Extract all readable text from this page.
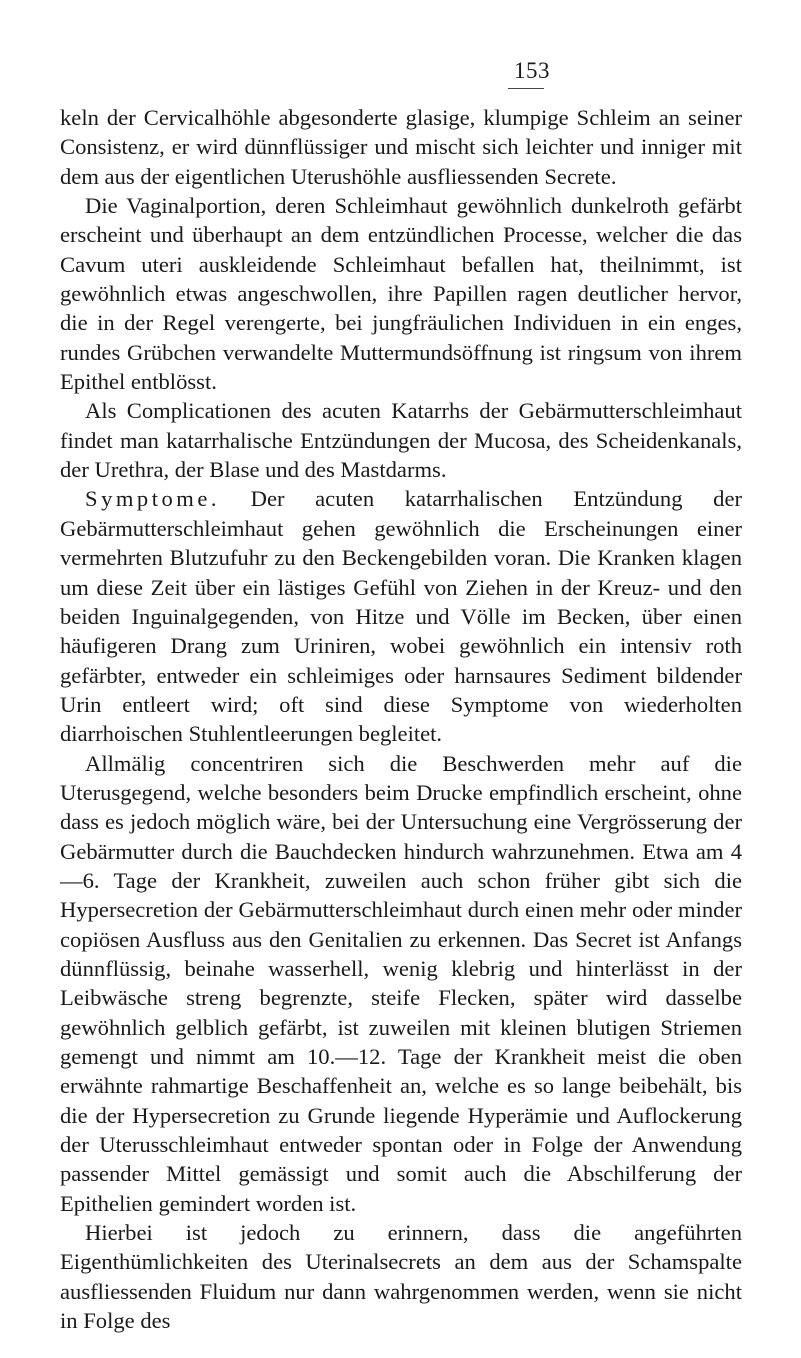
153

keln der Cervicalhöhle abgesonderte glasige, klumpige Schleim an seiner Consistenz, er wird dünnflüssiger und mischt sich leichter und inniger mit dem aus der eigentlichen Uterushöhle ausfliessenden Secrete.

Die Vaginalportion, deren Schleimhaut gewöhnlich dunkelroth gefärbt erscheint und überhaupt an dem entzündlichen Processe, welcher die das Cavum uteri auskleidende Schleimhaut befallen hat, theilnimmt, ist gewöhnlich etwas angeschwollen, ihre Papillen ragen deutlicher hervor, die in der Regel verengerte, bei jungfräulichen Individuen in ein enges, rundes Grübchen verwandelte Muttermundsöffnung ist ringsum von ihrem Epithel entblösst.

Als Complicationen des acuten Katarrhs der Gebärmutterschleimhaut findet man katarrhalische Entzündungen der Mucosa, des Scheidenkanals, der Urethra, der Blase und des Mastdarms.

Symptome. Der acuten katarrhalischen Entzündung der Gebärmutterschleimhaut gehen gewöhnlich die Erscheinungen einer vermehrten Blutzufuhr zu den Beckengebilden voran. Die Kranken klagen um diese Zeit über ein lästiges Gefühl von Ziehen in der Kreuz- und den beiden Inguinalgegenden, von Hitze und Völle im Becken, über einen häufigeren Drang zum Uriniren, wobei gewöhnlich ein intensiv roth gefärbter, entweder ein schleimiges oder harnsaures Sediment bildender Urin entleert wird; oft sind diese Symptome von wiederholten diarrhoischen Stuhlentleerungen begleitet.

Allmälig concentriren sich die Beschwerden mehr auf die Uterusgegend, welche besonders beim Drucke empfindlich erscheint, ohne dass es jedoch möglich wäre, bei der Untersuchung eine Vergrösserung der Gebärmutter durch die Bauchdecken hindurch wahrzunehmen. Etwa am 4—6. Tage der Krankheit, zuweilen auch schon früher gibt sich die Hypersecretion der Gebärmutterschleimhaut durch einen mehr oder minder copiösen Ausfluss aus den Genitalien zu erkennen. Das Secret ist Anfangs dünnflüssig, beinahe wasserhell, wenig klebrig und hinterlässt in der Leibwäsche streng begrenzte, steife Flecken, später wird dasselbe gewöhnlich gelblich gefärbt, ist zuweilen mit kleinen blutigen Striemen gemengt und nimmt am 10.—12. Tage der Krankheit meist die oben erwähnte rahmartige Beschaffenheit an, welche es so lange beibehält, bis die der Hypersecretion zu Grunde liegende Hyperämie und Auflockerung der Uterusschleimhaut entweder spontan oder in Folge der Anwendung passender Mittel gemässigt und somit auch die Abschilferung der Epithelien gemindert worden ist.

Hierbei ist jedoch zu erinnern, dass die angeführten Eigenthümlichkeiten des Uterinalsecrets an dem aus der Schamspalte ausfliessenden Fluidum nur dann wahrgenommen werden, wenn sie nicht in Folge des
